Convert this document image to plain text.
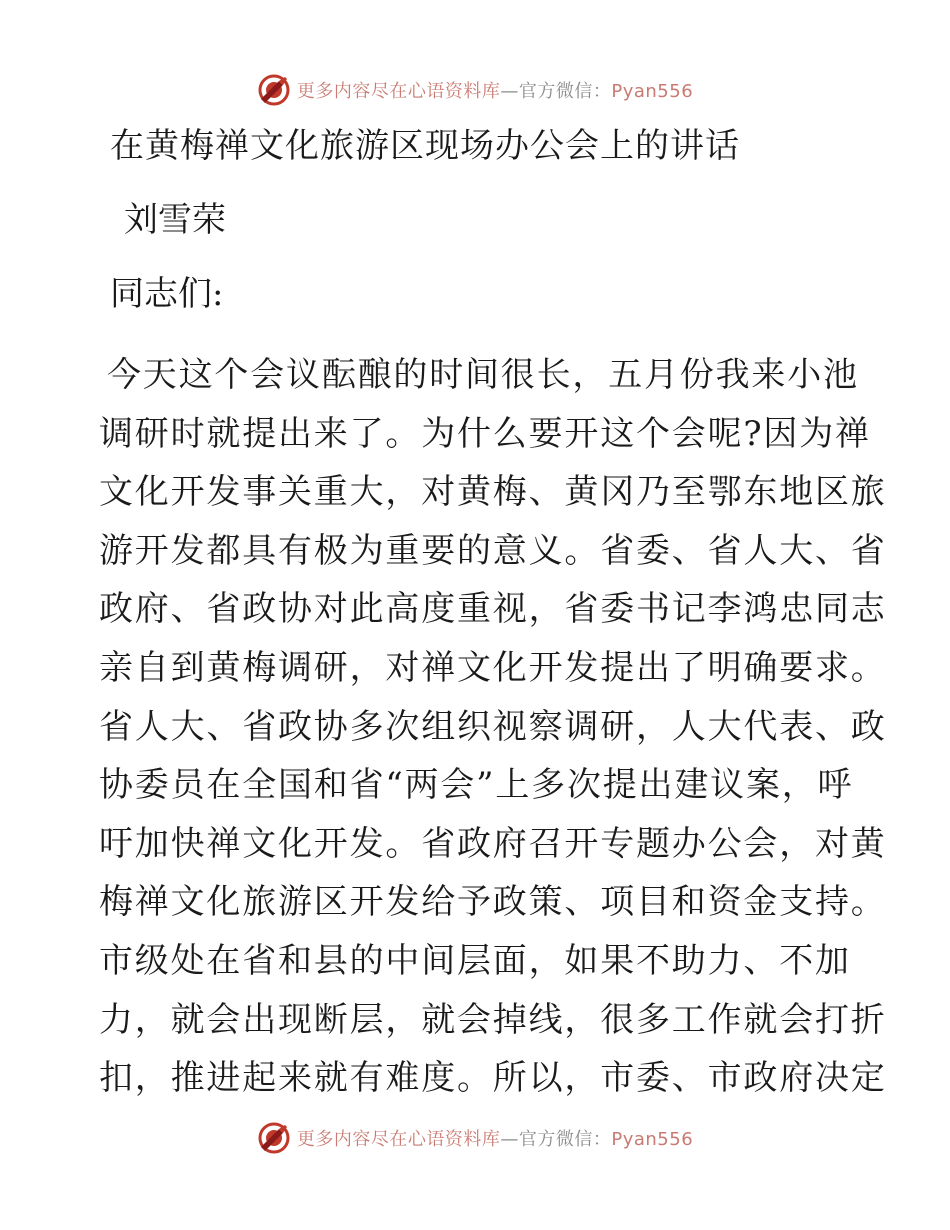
更多内容尽在心语资料库—官方微信：Pyan556
在黄梅禅文化旅游区现场办公会上的讲话
刘雪荣
同志们:
今天这个会议酝酿的时间很长，五月份我来小池
调研时就提出来了。为什么要开这个会呢?因为禅
文化开发事关重大，对黄梅、黄冈乃至鄂东地区旅
游开发都具有极为重要的意义。省委、省人大、省
政府、省政协对此高度重视，省委书记李鸿忠同志
亲自到黄梅调研，对禅文化开发提出了明确要求。
省人大、省政协多次组织视察调研，人大代表、政
协委员在全国和省“两会”上多次提出建议案，呼
吁加快禅文化开发。省政府召开专题办公会，对黄
梅禅文化旅游区开发给予政策、项目和资金支持。
市级处在省和县的中间层面，如果不助力、不加
力，就会出现断层，就会掉线，很多工作就会打折
扣，推进起来就有难度。所以，市委、市政府决定
更多内容尽在心语资料库—官方微信：Pyan556
